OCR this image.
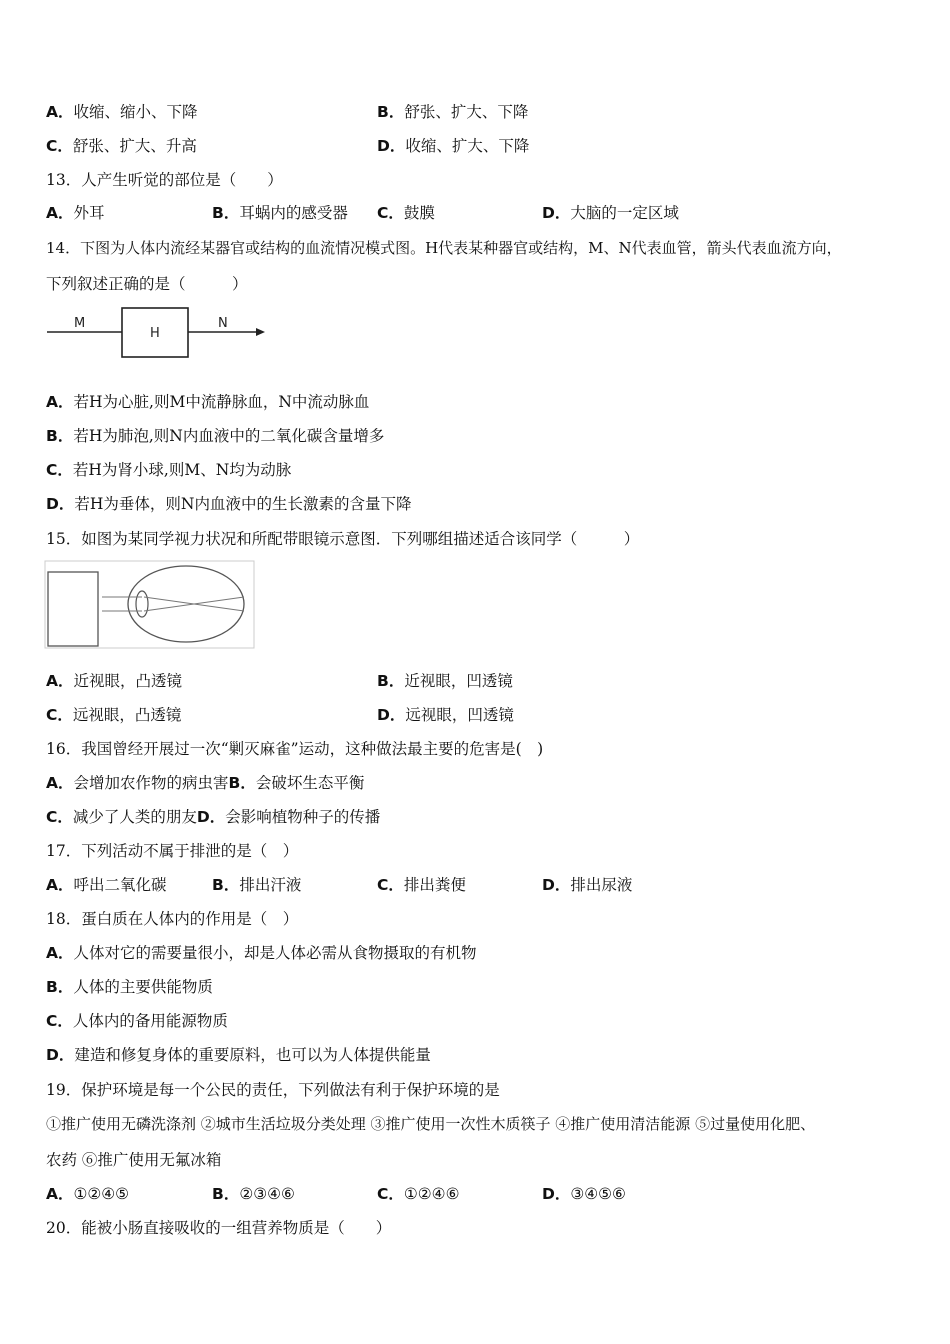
A．收缩、缩小、下降	B．舒张、扩大、下降
C．舒张、扩大、升高	D．收缩、扩大、下降
13．人产生听觉的部位是（　　）
A．外耳	B．耳蜗内的感受器 C．鼓膜	D．大脑的一定区域
14．下图为人体内流经某器官或结构的血流情况模式图。H代表某种器官或结构，M、N代表血管，箭头代表血流方向，
下列叙述正确的是（　　　）
M
H
N
A．若H为心脏,则M中流静脉血，N中流动脉血
B．若H为肺泡,则N内血液中的二氧化碳含量增多
C．若H为肾小球,则M、N均为动脉
D．若H为垂体，则N内血液中的生长激素的含量下降
15．如图为某同学视力状况和所配带眼镜示意图．下列哪组描述适合该同学（　　　）
A．近视眼，凸透镜	B．近视眼，凹透镜
C．远视眼，凸透镜	D．远视眼，凹透镜
16．我国曾经开展过一次“剿灭麻雀”运动，这种做法最主要的危害是(　)
A．会增加农作物的病虫害B．会破坏生态平衡
C．减少了人类的朋友D．会影响植物种子的传播
17．下列活动不属于排泄的是（　）
A．呼出二氧化碳	B．排出汗液	C．排出粪便	D．排出尿液
18．蛋白质在人体内的作用是（　）
A．人体对它的需要量很小，却是人体必需从食物摄取的有机物
B．人体的主要供能物质
C．人体内的备用能源物质
D．建造和修复身体的重要原料，也可以为人体提供能量
19．保护环境是每一个公民的责任，下列做法有利于保护环境的是
①推广使用无磷洗涤剂 ②城市生活垃圾分类处理 ③推广使用一次性木质筷子 ④推广使用清洁能源 ⑤过量使用化肥、
农药 ⑥推广使用无氟冰箱
A．①②④⑤	B．②③④⑥	C．①②④⑥	D．③④⑤⑥
20．能被小肠直接吸收的一组营养物质是（　　）
